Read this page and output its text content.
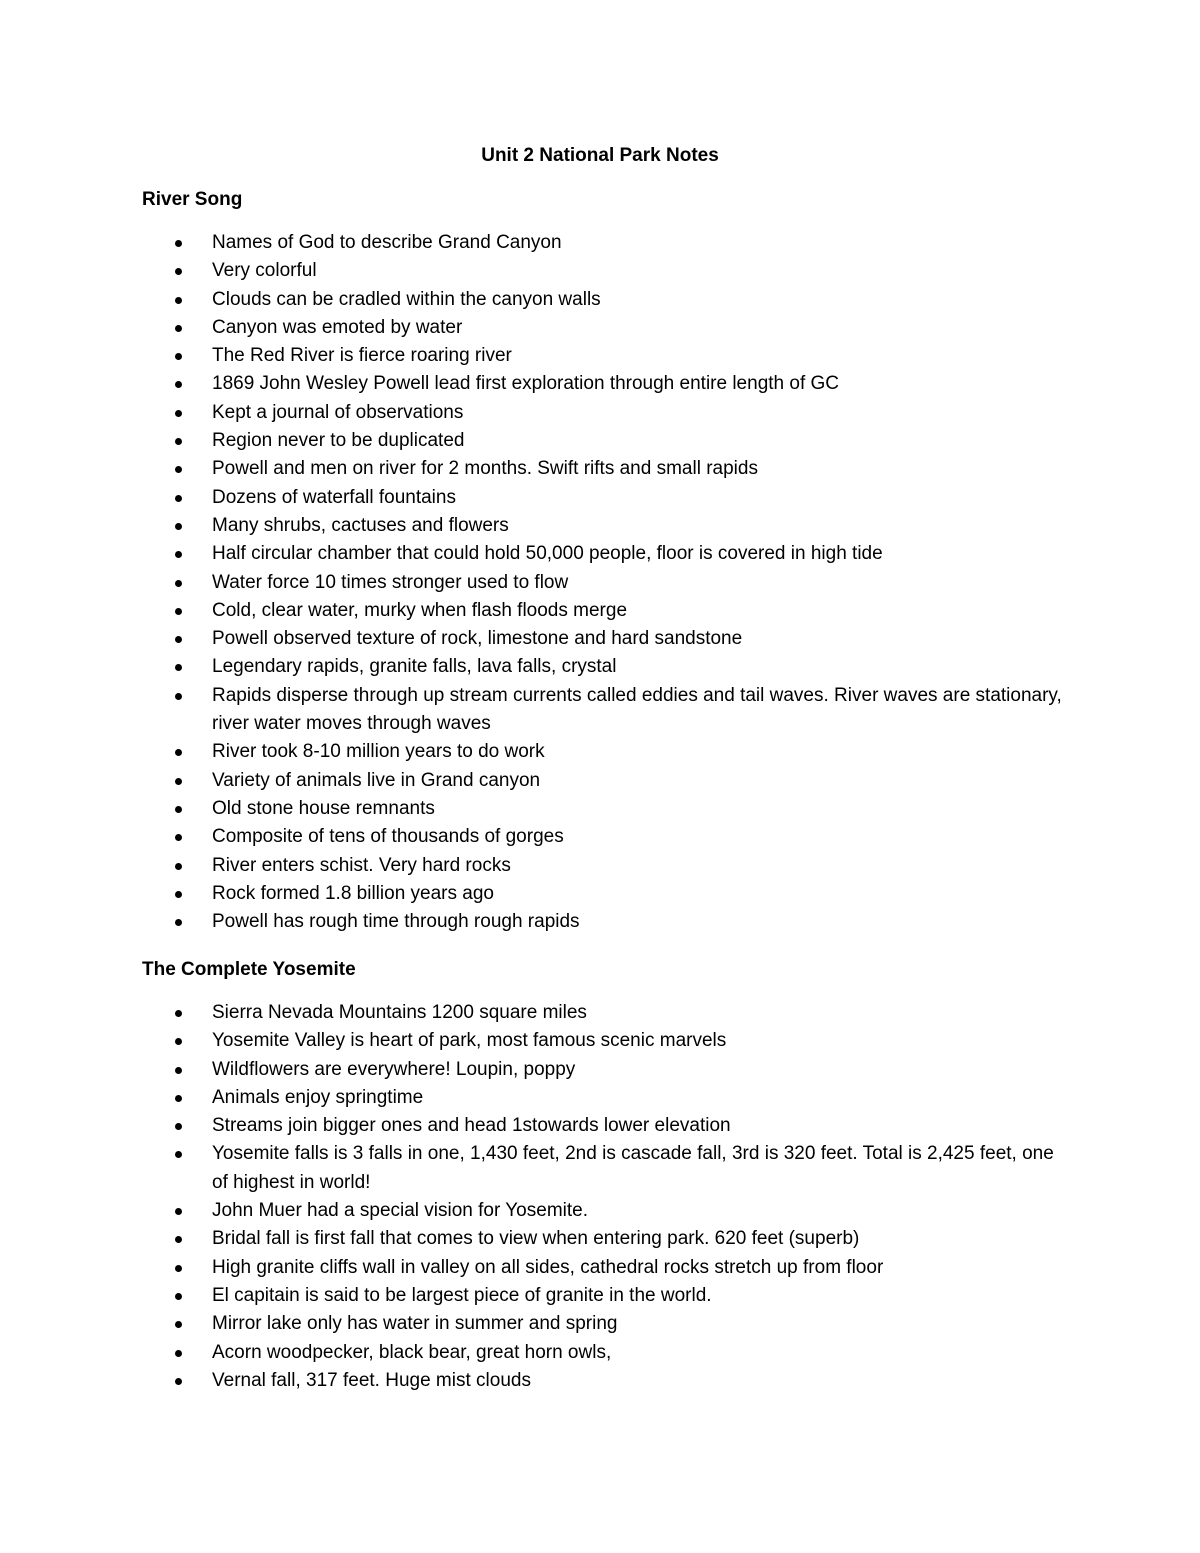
Unit 2 National Park Notes
River Song
Names of God to describe Grand Canyon
Very colorful
Clouds can be cradled within the canyon walls
Canyon was emoted by water
The Red River is fierce roaring river
1869 John Wesley Powell lead first exploration through entire length of GC
Kept a journal of observations
Region never to be duplicated
Powell and men on river for 2 months. Swift rifts and small rapids
Dozens of waterfall fountains
Many shrubs, cactuses and flowers
Half circular chamber that could hold 50,000 people, floor is covered in high tide
Water force 10 times stronger used to flow
Cold, clear water, murky when flash floods merge
Powell observed texture of rock, limestone and hard sandstone
Legendary rapids, granite falls, lava falls, crystal
Rapids disperse through up stream currents called eddies and tail waves. River waves are stationary, river water moves through waves
River took 8-10 million years to do work
Variety of animals live in Grand canyon
Old stone house remnants
Composite of tens of thousands of gorges
River enters schist. Very hard rocks
Rock formed 1.8 billion years ago
Powell has rough time through rough rapids
The Complete Yosemite
Sierra Nevada Mountains 1200 square miles
Yosemite Valley is heart of park, most famous scenic marvels
Wildflowers are everywhere! Loupin, poppy
Animals enjoy springtime
Streams join bigger ones and head 1stowards lower elevation
Yosemite falls is 3 falls in one, 1,430 feet, 2nd is cascade fall, 3rd is 320 feet. Total is 2,425 feet, one of highest in world!
John Muer had a special vision for Yosemite.
Bridal fall is first fall that comes to view when entering park. 620 feet (superb)
High granite cliffs wall in valley on all sides, cathedral rocks stretch up from floor
El capitain is said to be largest piece of granite in the world.
Mirror lake only has water in summer and spring
Acorn woodpecker, black bear, great horn owls,
Vernal fall, 317 feet. Huge mist clouds
